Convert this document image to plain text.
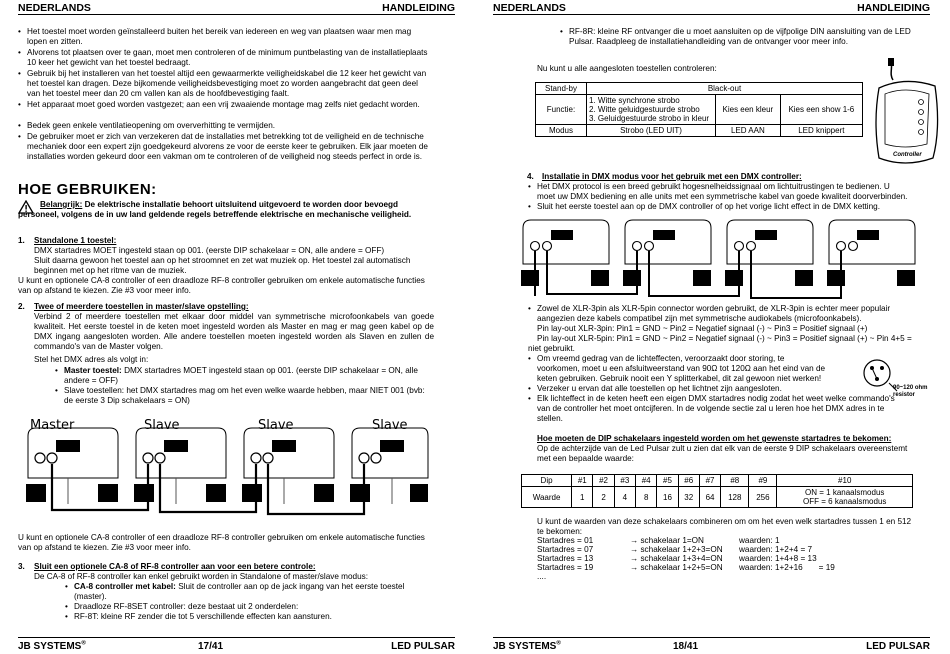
NEDERLANDS	HANDLEIDING
• Het toestel moet worden geïnstalleerd buiten het bereik van iedereen en weg van plaatsen waar men mag lopen en zitten.
• Alvorens tot plaatsen over te gaan, moet men controleren of de minimum puntbelasting van de installatieplaats 10 keer het gewicht van het toestel bedraagt.
• Gebruik bij het installeren van het toestel altijd een gewaarmerkte veiligheidskabel die 12 keer het gewicht van het toestel kan dragen. Deze bijkomende veiligheidsbevestiging moet zo worden aangebracht dat geen deel van het toestel meer dan 20 cm vallen kan als de hoofdbevestiging faalt.
• Het apparaat moet goed worden vastgezet; aan een vrij zwaaiende montage mag zelfs niet gedacht worden.
• Bedek geen enkele ventilatieopening om oververhitting te vermijden.
• De gebruiker moet er zich van verzekeren dat de installaties met betrekking tot de veiligheid en de technische mechaniek door een expert zijn goedgekeurd alvorens ze voor de eerste keer te gebruiken. Elk jaar moeten de installaties worden gekeurd door een vakman om te controleren of de veiligheid nog steeds perfect in orde is.
HOE GEBRUIKEN:
Belangrijk: De elektrische installatie behoort uitsluitend uitgevoerd te worden door bevoegd personeel, volgens de in uw land geldende regels betreffende elektrische en mechanische veiligheid.
1. Standalone 1 toestel:
DMX startadres MOET ingesteld staan op 001. (eerste DIP schakelaar = ON, alle andere = OFF)
Sluit daarna gewoon het toestel aan op het stroomnet en zet wat muziek op. Het toestel zal automatisch beginnen met op het ritme van de muziek.
U kunt en optionele CA-8 controller of een draadloze RF-8 controller gebruiken om enkele automatische functies van op afstand te kiezen. Zie #3 voor meer info.
2. Twee of meerdere toestellen in master/slave opstelling:
Verbind 2 of meerdere toestellen met elkaar door middel van symmetrische microfoonkabels van goede kwaliteit. Het eerste toestel in de keten moet ingesteld worden als Master en mag er mag geen kabel op de DMX ingang aangesloten worden. Alle andere toestellen moeten ingesteld worden als Slaven en zullen de commando's van de Master volgen.
Stel het DMX adres als volgt in:
• Master toestel: DMX startadres MOET ingesteld staan op 001. (eerste DIP schakelaar = ON, alle andere = OFF)
• Slave toestellen: het DMX startadres mag om het even welke waarde hebben, maar NIET 001 (bvb: de eerste 3 Dip schakelaars = ON)
Master	Slave	Slave	Slave
U kunt en optionele CA-8 controller of een draadloze RF-8 controller gebruiken om enkele automatische functies van op afstand te kiezen. Zie #3 voor meer info.
3. Sluit een optionele CA-8 of RF-8 controller aan voor een betere controle:
De CA-8 of RF-8 controller kan enkel gebruikt worden in Standalone of master/slave modus:
• CA-8 controller met kabel: Sluit de controller aan op de jack ingang van het eerste toestel (master).
• Draadloze RF-8SET controller: deze bestaat uit 2 onderdelen:
• RF-8T: kleine RF zender die tot 5 verschillende effecten kan aansturen.
JB SYSTEMS®	17/41	LED PULSAR
NEDERLANDS	HANDLEIDING
• RF-8R: kleine RF ontvanger die u moet aansluiten op de vijfpolige DIN aansluiting van de LED Pulsar. Raadpleeg de installatiehandleiding van de ontvanger voor meer info.
Nu kunt u alle aangesloten toestellen controleren:
Stand-by	Black-out		
Functie:	1. Witte synchrone strobo
2. Witte geluidgestuurde strobo
3. Geluidgestuurde strobo in kleur	Kies een kleur	Kies een show 1-6
Modus	Strobo (LED UIT)	LED AAN	LED knippert
Controller
4. Installatie in DMX modus voor het gebruik met een DMX controller:
• Het DMX protocol is een breed gebruikt hogesnelheidssignaal om lichtuitrustingen te bedienen. U moet uw DMX bediening en alle units met een symmetrische kabel van goede kwaliteit doorverbinden.
• Sluit het eerste toestel aan op de DMX controller of op het vorige licht effect in de DMX ketting.
• Zowel de XLR-3pin als XLR-5pin connector worden gebruikt, de XLR-3pin is echter meer populair aangezien deze kabels compatibel zijn met symmetrische audiokabels (microfoonkabels).
Pin lay-out XLR-3pin: Pin1 = GND ~ Pin2 = Negatief signaal (-) ~ Pin3 = Positief signaal (+)
Pin lay-out XLR-5pin: Pin1 = GND ~ Pin2 = Negatief signaal (-) ~ Pin3 = Positief signaal (+) ~ Pin 4+5 = niet gebruikt.
• Om vreemd gedrag van de lichteffecten, veroorzaakt door storing, te voorkomen, moet u een afsluitweerstand van 90Ω tot 120Ω aan het eind van de keten gebruiken. Gebruik nooit een Y splitterkabel, dit zal gewoon niet werken!
90~120 ohm resistor
• Verzeker u ervan dat alle toestellen op het lichtnet zijn aangesloten.
• Elk lichteffect in de keten heeft een eigen DMX startadres nodig zodat het weet welke commando's van de controller het moet ontcijferen. In de volgende sectie zal u leren hoe het DMX adres in te stellen.
Hoe moeten de DIP schakelaars ingesteld worden om het gewenste startadres te bekomen:
Op de achterzijde van de Led Pulsar zult u zien dat elk van de eerste 9 DIP schakelaars overeenstemt met een bepaalde waarde:
Dip	#1	#2	#3	#4	#5	#6	#7	#8	#9	#10
Waarde	1	2	4	8	16	32	64	128	256	ON = 1 kanaalsmodus
OFF = 6 kanaalsmodus
U kunt de waarden van deze schakelaars combineren om om het even welk startadres tussen 1 en 512 te bekomen:
Startadres = 01	→ schakelaar 1=ON	waarden: 1
Startadres = 07	→ schakelaar 1+2+3=ON waarden: 1+2+4 = 7
Startadres = 13	→ schakelaar 1+3+4=ON waarden: 1+4+8 = 13
Startadres = 19	→ schakelaar 1+2+5=ON waarden: 1+2+16       = 19
....
JB SYSTEMS®	18/41	LED PULSAR
